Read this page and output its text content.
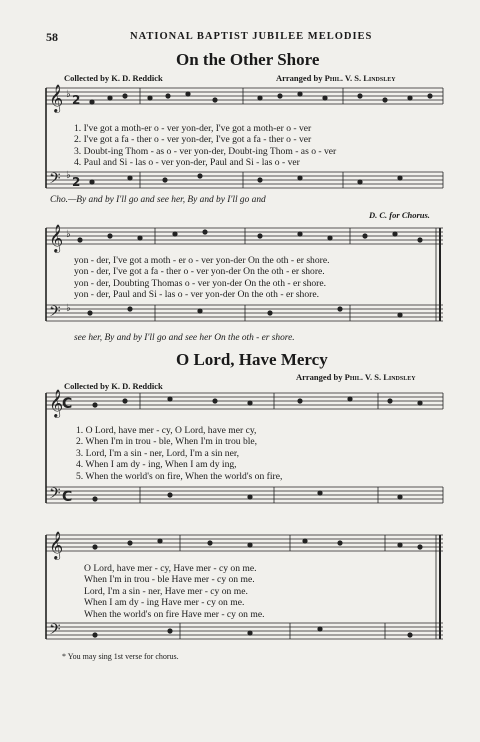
58	NATIONAL BAPTIST JUBILEE MELODIES
On the Other Shore
Collected by K. D. Reddick	Arranged by Phil. V. S. Lindsley
𝄞
𝄢
𝄞
𝄢
𝄞
𝄢
𝄞
𝄢
♭
♭
♭
♭
2
2
C
C
1. I've got a moth-er o - ver yon-der, I've got a moth-er o - ver
2. I've got a fa - ther o - ver yon-der, I've got a fa - ther o - ver
3. Doubt-ing Thom - as o - ver yon-der, Doubt-ing Thom - as o - ver
4. Paul and Si - las o - ver yon-der, Paul and Si - las o - ver
Cho.—By and by I'll go and see her, By and by I'll go and
D. C. for Chorus.
yon - der, I've got a moth - er o - ver yon-der On the oth - er shore.
yon - der, I've got a fa - ther o - ver yon-der On the oth - er shore.
yon - der, Doubting Thomas o - ver yon-der On the oth - er shore.
yon - der, Paul and Si - las o - ver yon-der On the oth - er shore.
see her, By and by I'll go and see her On the oth - er shore.
O Lord, Have Mercy
Arranged by Phil. V. S. Lindsley
Collected by K. D. Reddick
1. O Lord, have mer - cy, O Lord, have mer cy,
2. When I'm in trou - ble, When I'm in trou ble,
3. Lord, I'm a sin - ner, Lord, I'm a sin ner,
4. When I am dy - ing, When I am dy ing,
5. When the world's on fire, When the world's on fire,
O Lord, have mer - cy, Have mer - cy on me.
When I'm in trou - ble Have mer - cy on me.
Lord, I'm a sin - ner, Have mer - cy on me.
When I am dy - ing Have mer - cy on me.
When the world's on fire Have mer - cy on me.
* You may sing 1st verse for chorus.
